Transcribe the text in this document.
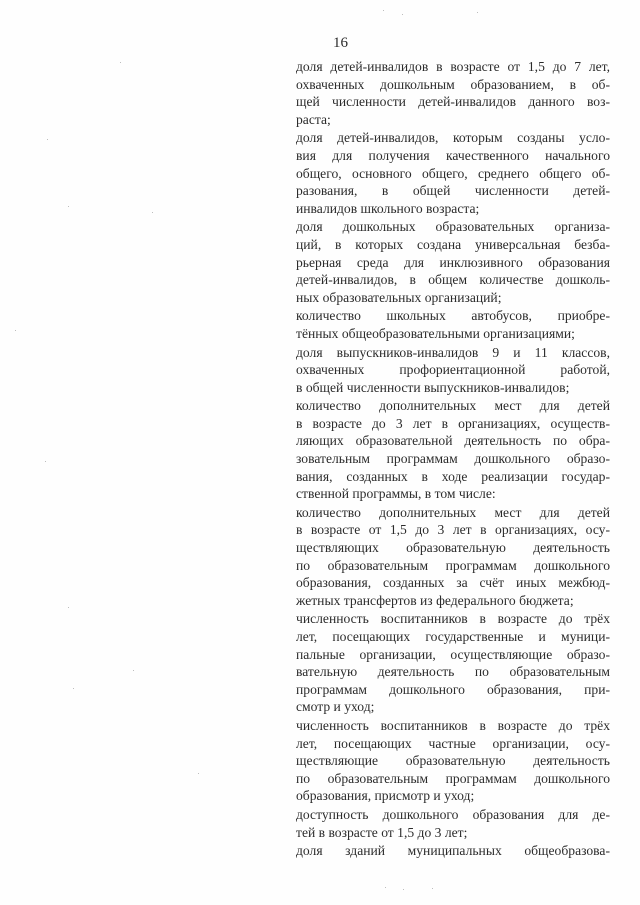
16
доля детей-инвалидов в возрасте от 1,5 до 7 лет,
охваченных дошкольным образованием, в об-
щей численности детей-инвалидов данного воз-
раста;
доля детей-инвалидов, которым созданы усло-
вия для получения качественного начального
общего, основного общего, среднего общего об-
разования, в общей численности детей-
инвалидов школьного возраста;
доля дошкольных образовательных организа-
ций, в которых создана универсальная безба-
рьерная среда для инклюзивного образования
детей-инвалидов, в общем количестве дошколь-
ных образовательных организаций;
количество школьных автобусов, приобре-
тённых общеобразовательными организациями;
доля выпускников-инвалидов 9 и 11 классов,
охваченных профориентационной работой,
в общей численности выпускников-инвалидов;
количество дополнительных мест для детей
в возрасте до 3 лет в организациях, осуществ-
ляющих образовательной деятельность по обра-
зовательным программам дошкольного образо-
вания, созданных в ходе реализации государ-
ственной программы, в том числе:
количество дополнительных мест для детей
в возрасте от 1,5 до 3 лет в организациях, осу-
ществляющих образовательную деятельность
по образовательным программам дошкольного
образования, созданных за счёт иных межбюд-
жетных трансфертов из федерального бюджета;
численность воспитанников в возрасте до трёх
лет, посещающих государственные и муници-
пальные организации, осуществляющие образо-
вательную деятельность по образовательным
программам дошкольного образования, при-
смотр и уход;
численность воспитанников в возрасте до трёх
лет, посещающих частные организации, осу-
ществляющие образовательную деятельность
по образовательным программам дошкольного
образования, присмотр и уход;
доступность дошкольного образования для де-
тей в возрасте от 1,5 до 3 лет;
доля зданий муниципальных общеобразова-
